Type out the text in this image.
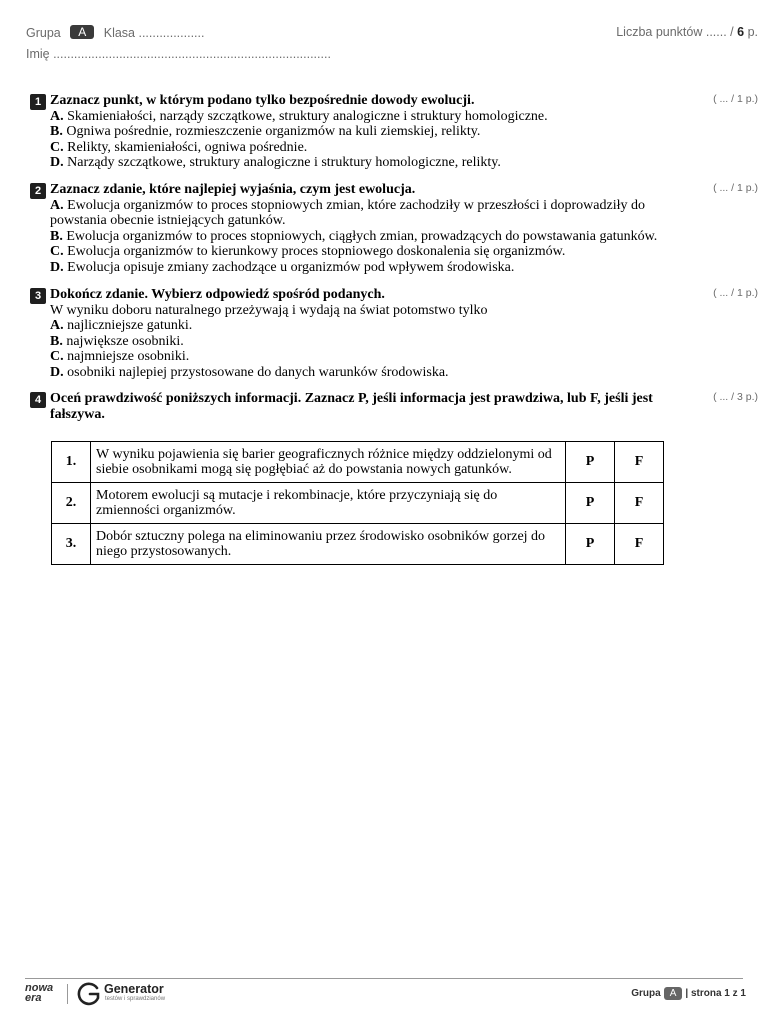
Grupa A Klasa ...................	Liczba punktów ...... / 6 p.
Imię ................................................................................
1	( ... / 1 p.)
Zaznacz punkt, w którym podano tylko bezpośrednie dowody ewolucji.
A. Skamieniałości, narządy szczątkowe, struktury analogiczne i struktury homologiczne.
B. Ogniwa pośrednie, rozmieszczenie organizmów na kuli ziemskiej, relikty.
C. Relikty, skamieniałości, ogniwa pośrednie.
D. Narządy szczątkowe, struktury analogiczne i struktury homologiczne, relikty.
2	( ... / 1 p.)
Zaznacz zdanie, które najlepiej wyjaśnia, czym jest ewolucja.
A. Ewolucja organizmów to proces stopniowych zmian, które zachodziły w przeszłości i doprowadziły do powstania obecnie istniejących gatunków.
B. Ewolucja organizmów to proces stopniowych, ciągłych zmian, prowadzących do powstawania gatunków.
C. Ewolucja organizmów to kierunkowy proces stopniowego doskonalenia się organizmów.
D. Ewolucja opisuje zmiany zachodzące u organizmów pod wpływem środowiska.
3	( ... / 1 p.)
Dokończ zdanie. Wybierz odpowiedź spośród podanych.
W wyniku doboru naturalnego przeżywają i wydają na świat potomstwo tylko
A. najliczniejsze gatunki.
B. największe osobniki.
C. najmniejsze osobniki.
D. osobniki najlepiej przystosowane do danych warunków środowiska.
4	( ... / 3 p.)
Oceń prawdziwość poniższych informacji. Zaznacz P, jeśli informacja jest prawdziwa, lub F, jeśli jest fałszywa.
1.	W wyniku pojawienia się barier geograficznych różnice między oddzielonymi od siebie osobnikami mogą się pogłębiać aż do powstania nowych gatunków.	P	F
2.	Motorem ewolucji są mutacje i rekombinacje, które przyczyniają się do zmienności organizmów.	P	F
3.	Dobór sztuczny polega na eliminowaniu przez środowisko osobników gorzej do niego przystosowanych.	P	F
nowa
era
Generator
testów i sprawdzianów	Grupa A | strona 1 z 1
